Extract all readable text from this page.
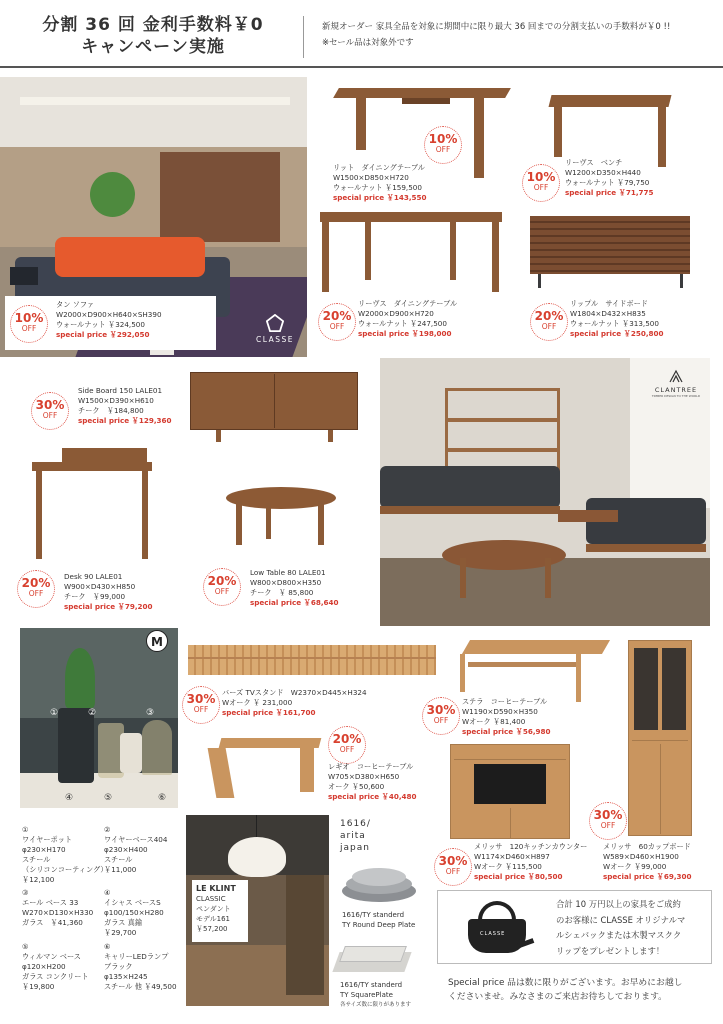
分割 36 回 金利手数料￥0
キャンペーン実施
新規オーダー 家具全品を対象に期間中に限り最大 36 回までの分割支払いの手数料が￥0 !!
※セール品は対象外です
10%
OFF
タン ソファ
W2000×D900×H640×SH390
ウォールナット ￥324,500
special price ￥292,050
CLASSE
10%
OFF
リット　ダイニングテーブル
W1500×D850×H720
ウォールナット ￥159,500
special price ￥143,550
10%
OFF
リーヴス　ベンチ
W1200×D350×H440
ウォールナット ￥79,750
special price ￥71,775
20%
OFF
リーヴス　ダイニングテーブル
W2000×D900×H720
ウォールナット ￥247,500
special price ￥198,000
20%
OFF
リップル　サイドボード
W1804×D432×H835
ウォールナット ￥313,500
special price ￥250,800
30%
OFF
Side Board 150 LALE01
W1500×D390×H610
チーク　￥184,800
special price ￥129,360
20%
OFF
Desk 90 LALE01
W900×D430×H850
チーク　￥99,000
special price ￥79,200
20%
OFF
Low Table 80 LALE01
W800×D800×H350
チーク　￥ 85,800
special price ￥68,640
CLANTREE
TIMBER DESIGN TO THE WORLD
①	②	③
④	⑤	⑥
M
①
ワイヤーポット
φ230×H170
スチール
（シリコンコーティング）
￥12,100
②
ワイヤーベース404
φ230×H400
スチール
￥11,000
③
エール ベース 33
W270×D130×H330
ガラス　￥41,360
④
イシャス ベースS
φ100/150×H280
ガラス 真鍮
￥29,700
⑤
ウィルマン ベース
φ120×H200
ガラス コンクリート
￥19,800
⑥
キャリーLEDランプ
ブラック
φ135×H245
スチール 他 ￥49,500
LE KLINT
CLASSIC
ペンダント
モデル161
￥57,200
1616/
arita
japan
1616/TY standerd
TY Round Deep Plate
1616/TY standerd
TY SquarePlate
各サイズ数に限りがあります
30%
OFF
バーズ TVスタンド　W2370×D445×H324
Wオーク ￥ 231,000
special price ￥161,700	30%
OFF
ステラ　コーヒーテーブル
W1190×D590×H350
Wオーク ￥81,400
special price ￥56,980
20%
OFF
レギオ　コーヒーテーブル
W705×D380×H650
オーク ￥50,600
special price ￥40,480
30%
OFF
メリッサ　120キッチンカウンター
W1174×D460×H897
Wオーク ￥115,500
special price ￥80,500
30%
OFF
メリッサ　60カップボード
W589×D460×H1900
Wオーク ￥99,000
special price ￥69,300
CLASSE
合計 10 万円以上の家具をご成約
のお客様に CLASSE オリジナルマ
ルシェバックまたは木製マスクク
リップをプレゼントします！
Special price 品は数に限りがございます。お早めにお越し
くださいませ。みなさまのご来店お待ちしております。
